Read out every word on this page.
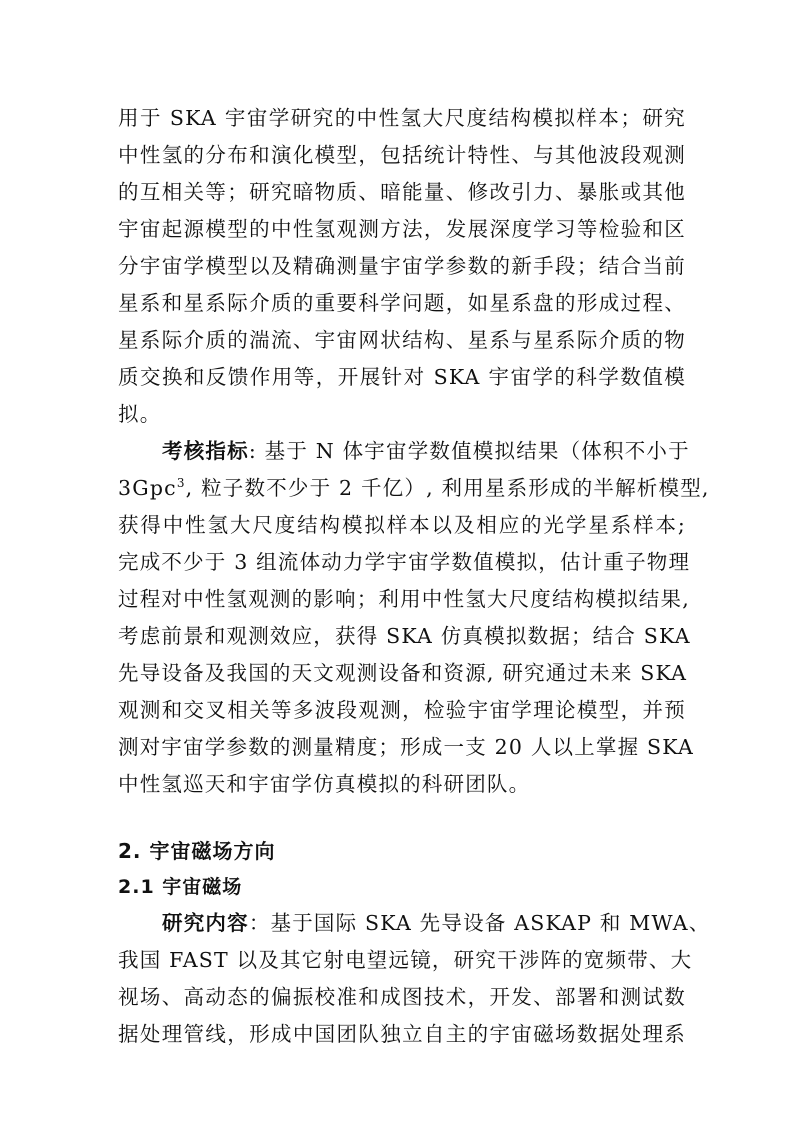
用于 SKA 宇宙学研究的中性氢大尺度结构模拟样本；研究
中性氢的分布和演化模型，包括统计特性、与其他波段观测
的互相关等；研究暗物质、暗能量、修改引力、暴胀或其他
宇宙起源模型的中性氢观测方法，发展深度学习等检验和区
分宇宙学模型以及精确测量宇宙学参数的新手段；结合当前
星系和星系际介质的重要科学问题，如星系盘的形成过程、
星系际介质的湍流、宇宙网状结构、星系与星系际介质的物
质交换和反馈作用等，开展针对 SKA 宇宙学的科学数值模
拟。
考核指标: 基于 N 体宇宙学数值模拟结果（体积不小于
3Gpc$^3$, 粒子数不少于 2 千亿）, 利用星系形成的半解析模型,
获得中性氢大尺度结构模拟样本以及相应的光学星系样本;
完成不少于 3 组流体动力学宇宙学数值模拟，估计重子物理
过程对中性氢观测的影响；利用中性氢大尺度结构模拟结果,
考虑前景和观测效应，获得 SKA 仿真模拟数据；结合 SKA
先导设备及我国的天文观测设备和资源, 研究通过未来 SKA
观测和交叉相关等多波段观测，检验宇宙学理论模型，并预
测对宇宙学参数的测量精度；形成一支 20 人以上掌握 SKA
中性氢巡天和宇宙学仿真模拟的科研团队。
2. 宇宙磁场方向
2.1 宇宙磁场
研究内容：基于国际 SKA 先导设备 ASKAP 和 MWA、
我国 FAST 以及其它射电望远镜，研究干涉阵的宽频带、大
视场、高动态的偏振校准和成图技术，开发、部署和测试数
据处理管线，形成中国团队独立自主的宇宙磁场数据处理系
